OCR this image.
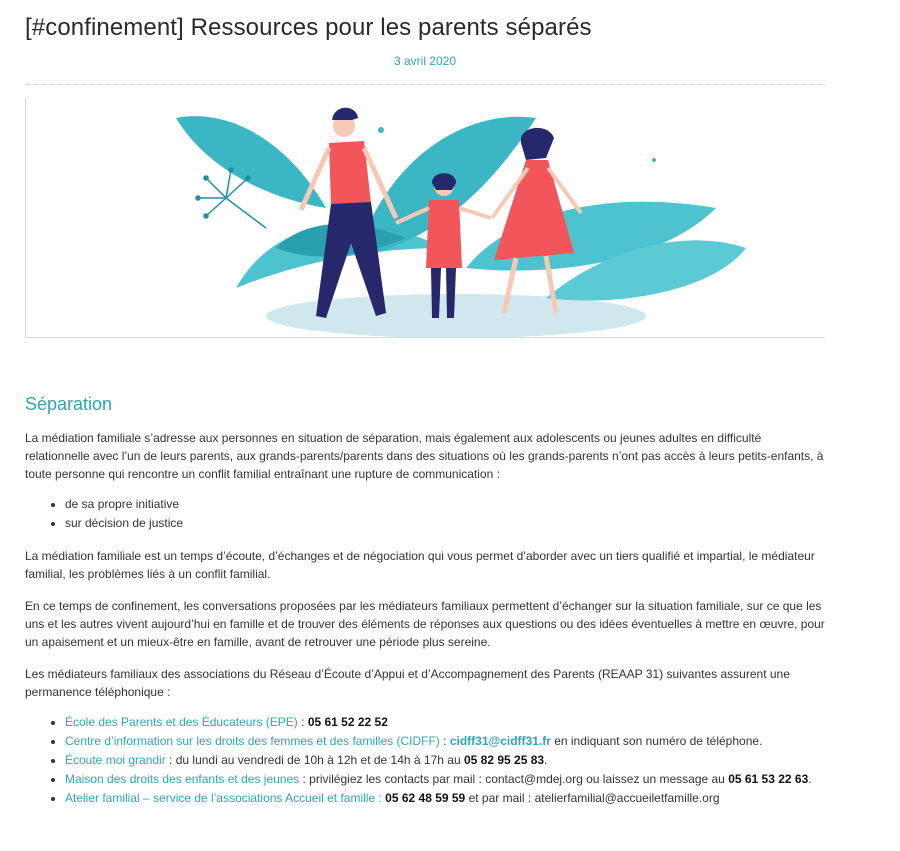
[#confinement] Ressources pour les parents séparés
3 avril 2020
Séparation

La médiation familiale s’adresse aux personnes en situation de séparation, mais également aux adolescents ou jeunes adultes en difficulté relationnelle avec l’un de leurs parents, aux grands-parents/parents dans des situations où les grands-parents n’ont pas accès à leurs petits-enfants, à toute personne qui rencontre un conflit familial entraînant une rupture de communication :

• de sa propre initiative
• sur décision de justice

La médiation familiale est un temps d’écoute, d’échanges et de négociation qui vous permet d’aborder avec un tiers qualifié et impartial, le médiateur familial, les problèmes liés à un conflit familial.

En ce temps de confinement, les conversations proposées par les médiateurs familiaux permettent d’échanger sur la situation familiale, sur ce que les uns et les autres vivent aujourd’hui en famille et de trouver des éléments de réponses aux questions ou des idées éventuelles à mettre en œuvre, pour un apaisement et un mieux-être en famille, avant de retrouver une période plus sereine.

Les médiateurs familiaux des associations du Réseau d’Écoute d’Appui et d’Accompagnement des Parents (REAAP 31) suivantes assurent une permanence téléphonique :

• École des Parents et des Éducateurs (EPE) : 05 61 52 22 52
• Centre d’information sur les droits des femmes et des familles (CIDFF) : cidff31@cidff31.fr en indiquant son numéro de téléphone.
• Écoute moi grandir : du lundi au vendredi de 10h à 12h et de 14h à 17h au 05 82 95 25 83.
• Maison des droits des enfants et des jeunes : privilégiez les contacts par mail : contact@mdej.org ou laissez un message au 05 61 53 22 63.
• Atelier familial – service de l’associations Accueil et famille : 05 62 48 59 59 et par mail : atelierfamilial@accueiletfamille.org
